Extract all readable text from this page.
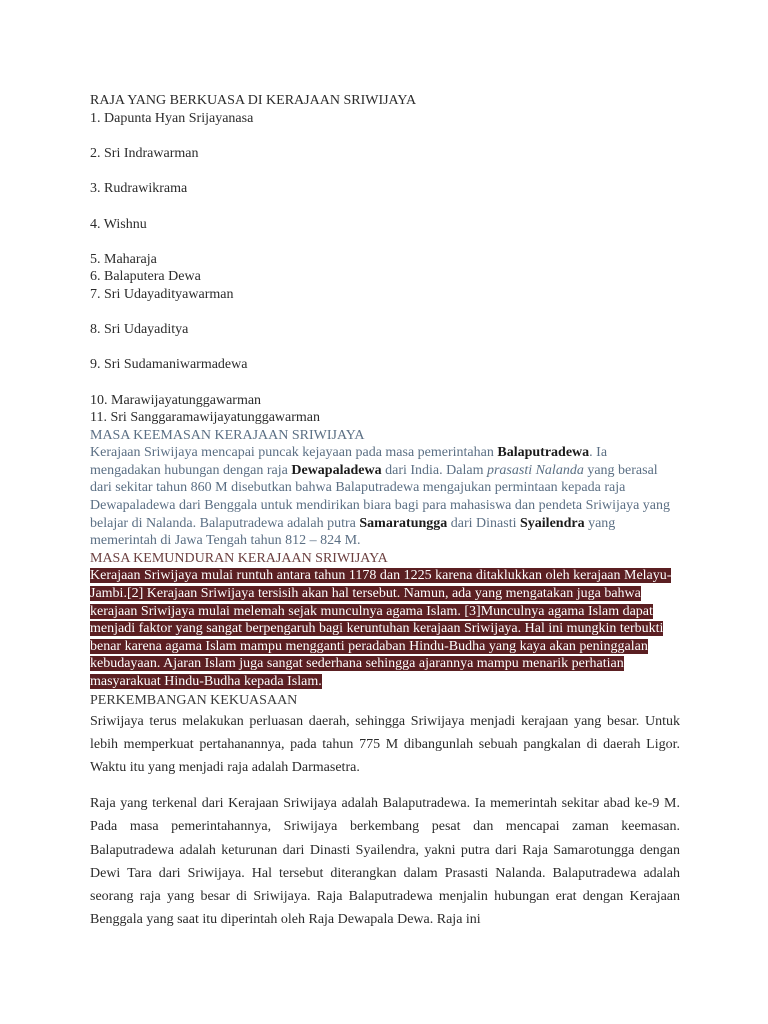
RAJA YANG BERKUASA DI KERAJAAN SRIWIJAYA
1. Dapunta Hyan Srijayanasa
2. Sri Indrawarman
3. Rudrawikrama
4. Wishnu
5. Maharaja
6. Balaputera Dewa
7. Sri Udayadityawarman
8. Sri Udayaditya
9. Sri Sudamaniwarmadewa
10. Marawijayatunggawarman
11. Sri Sanggaramawijayatunggawarman
MASA KEEMASAN KERAJAAN SRIWIJAYA

Kerajaan Sriwijaya mencapai puncak kejayaan pada masa pemerintahan Balaputradewa. Ia mengadakan hubungan dengan raja Dewapaladewa dari India. Dalam prasasti Nalanda yang berasal dari sekitar tahun 860 M disebutkan bahwa Balaputradewa mengajukan permintaan kepada raja Dewapaladewa dari Benggala untuk mendirikan biara bagi para mahasiswa dan pendeta Sriwijaya yang belajar di Nalanda. Balaputradewa adalah putra Samaratungga dari Dinasti Syailendra yang memerintah di Jawa Tengah tahun 812 – 824 M.

MASA KEMUNDURAN KERAJAAN SRIWIJAYA

Kerajaan Sriwijaya mulai runtuh antara tahun 1178 dan 1225 karena ditaklukkan oleh kerajaan Melayu-Jambi.[2] Kerajaan Sriwijaya tersisih akan hal tersebut. Namun, ada yang mengatakan juga bahwa kerajaan Sriwijaya mulai melemah sejak munculnya agama Islam. [3]Munculnya agama Islam dapat menjadi faktor yang sangat berpengaruh bagi keruntuhan kerajaan Sriwijaya. Hal ini mungkin terbukti benar karena agama Islam mampu mengganti peradaban Hindu-Budha yang kaya akan peninggalan kebudayaan. Ajaran Islam juga sangat sederhana sehingga ajarannya mampu menarik perhatian masyarakuat Hindu-Budha kepada Islam.

PERKEMBANGAN KEKUASAAN

Sriwijaya terus melakukan perluasan daerah, sehingga Sriwijaya menjadi kerajaan yang besar. Untuk lebih memperkuat pertahanannya, pada tahun 775 M dibangunlah sebuah pangkalan di daerah Ligor. Waktu itu yang menjadi raja adalah Darmasetra.

Raja yang terkenal dari Kerajaan Sriwijaya adalah Balaputradewa. Ia memerintah sekitar abad ke-9 M. Pada masa pemerintahannya, Sriwijaya berkembang pesat dan mencapai zaman keemasan. Balaputradewa adalah keturunan dari Dinasti Syailendra, yakni putra dari Raja Samarotungga dengan Dewi Tara dari Sriwijaya. Hal tersebut diterangkan dalam Prasasti Nalanda. Balaputradewa adalah seorang raja yang besar di Sriwijaya. Raja Balaputradewa menjalin hubungan erat dengan Kerajaan Benggala yang saat itu diperintah oleh Raja Dewapala Dewa. Raja ini
